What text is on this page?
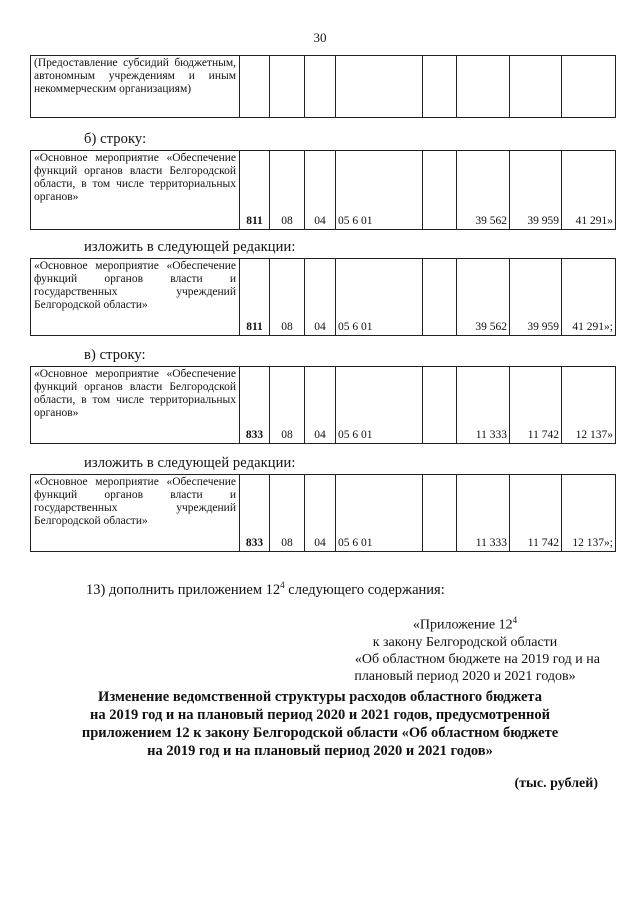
30
(Предоставление субсидий бюджетным, автономным учреждениям и иным некоммерческим организациям)								
б) строку:
«Основное мероприятие «Обеспечение функций органов власти Белгородской области, в том числе территориальных органов»	811	08	04	05 6 01		39 562	39 959	41 291»
изложить в следующей редакции:
«Основное мероприятие «Обеспечение функций органов власти и государственных учреждений Белгородской области»	811	08	04	05 6 01		39 562	39 959	41 291»;
в) строку:
«Основное мероприятие «Обеспечение функций органов власти Белгородской области, в том числе территориальных органов»	833	08	04	05 6 01		11 333	11 742	12 137»
изложить в следующей редакции:
«Основное мероприятие «Обеспечение функций органов власти и государственных учреждений Белгородской области»	833	08	04	05 6 01		11 333	11 742	12 137»;
13) дополнить приложением $12^4$ следующего содержания:
«Приложение $12^4$
к закону Белгородской области
«Об областном бюджете на 2019 год и на
плановый период 2020 и 2021 годов»
Изменение ведомственной структуры расходов областного бюджета
на 2019 год и на плановый период 2020 и 2021 годов, предусмотренной
приложением 12 к закону Белгородской области «Об областном бюджете
на 2019 год и на плановый период 2020 и 2021 годов»
(тыс. рублей)
